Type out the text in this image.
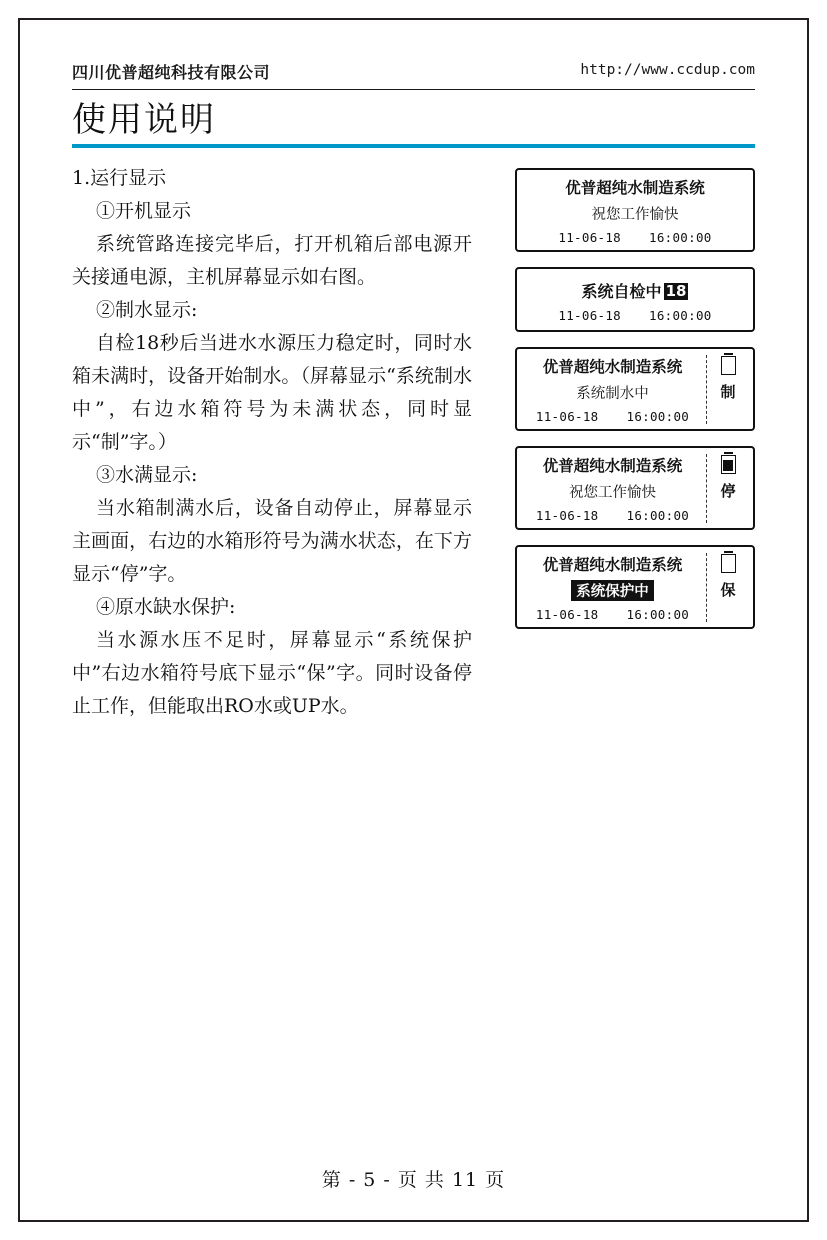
四川优普超纯科技有限公司	http://www.ccdup.com
使用说明

1.运行显示

①开机显示

系统管路连接完毕后，打开机箱后部电源开关接通电源，主机屏幕显示如右图。

②制水显示:

自检18秒后当进水水源压力稳定时，同时水箱未满时，设备开始制水。（屏幕显示“系统制水中”，右边水箱符号为未满状态，同时显示“制”字。）

③水满显示:

当水箱制满水后，设备自动停止，屏幕显示主画面，右边的水箱形符号为满水状态，在下方显示“停”字。

④原水缺水保护:

当水源水压不足时，屏幕显示“系统保护中”右边水箱符号底下显示“保”字。同时设备停止工作，但能取出RO水或UP水。

优普超纯水制造系统
祝您工作愉快
11-06-18 16:00:00
系统自检中 18
11-06-18 16:00:00
优普超纯水制造系统
系统制水中
11-06-18 16:00:00
制
优普超纯水制造系统
祝您工作愉快
11-06-18 16:00:00
停
优普超纯水制造系统
系统保护中
11-06-18 16:00:00
保
第 - 5 - 页 共 11 页
